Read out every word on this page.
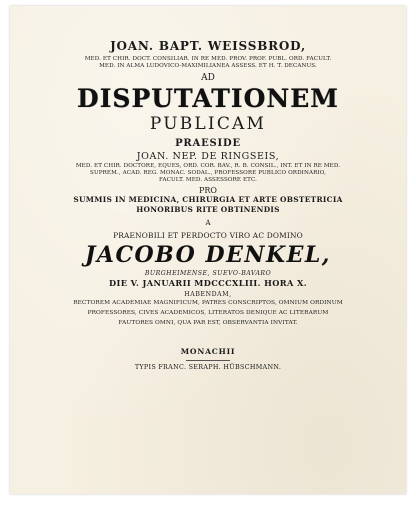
JOAN. BAPT. WEISSBROD,
MED. ET CHIR. DOCT. CONSILIAR. IN RE MED. PROV. PROF. PUBL. ORD. FACULT.
MED. IN ALMA LUDOVICO-MAXIMILIANEA ASSESS. ET H. T. DECANUS.
AD
DISPUTATIONEM
PUBLICAM
PRAESIDE
JOAN. NEP. DE RINGSEIS,
MED. ET CHIR. DOCTORE, EQUES, ORD. COR. BAV., R. B. CONSIL., INT. ET IN RE MED.
SUPREM., ACAD. REG. MONAC. SODAL., PROFESSORE PUBLICO ORDINARIO,
FACULT. MED. ASSESSORE ETC.
PRO
SUMMIS IN MEDICINA, CHIRURGIA ET ARTE OBSTETRICIA
HONORIBUS RITE OBTINENDIS
A
PRAENOBILI ET PERDOCTO VIRO AC DOMINO
JACOBO DENKEL,
BURGHEIMENSE, SUEVO-BAVARO
DIE V. JANUARII MDCCCXLIII. HORA X.
HABENDAM,
RECTOREM ACADEMIAE MAGNIFICUM, PATRES CONSCRIPTOS, OMNIUM ORDINUM
PROFESSORES, CIVES ACADEMICOS, LITERATOS DENIQUE AC LITERARUM
FAUTORES OMNI, QUA PAR EST, OBSERVANTIA INVITAT.
MONACHII
TYPIS FRANC. SERAPH. HÜBSCHMANN.
